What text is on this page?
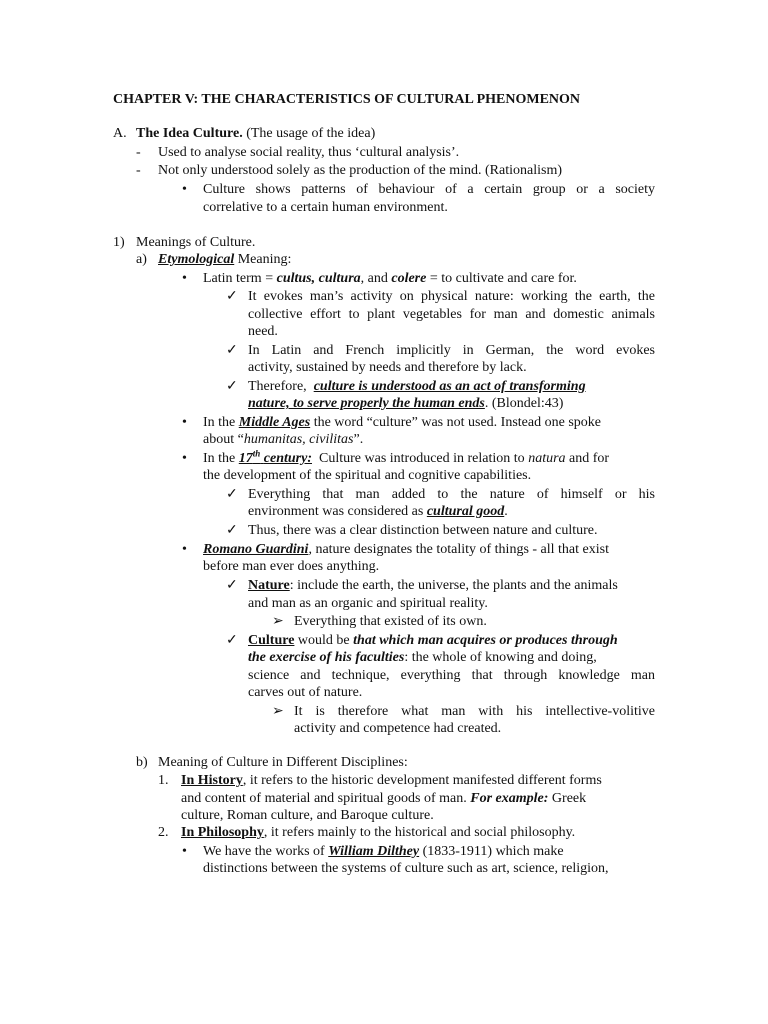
CHAPTER V: THE CHARACTERISTICS OF CULTURAL PHENOMENON
A. The Idea Culture. (The usage of the idea)
- Used to analyse social reality, thus ‘cultural analysis’.
- Not only understood solely as the production of the mind. (Rationalism)
• Culture shows patterns of behaviour of a certain group or a society
correlative to a certain human environment.
1) Meanings of Culture.
a) Etymological Meaning:
• Latin term = cultus, cultura, and colere = to cultivate and care for.
✓ It evokes man’s activity on physical nature: working the earth, the
collective effort to plant vegetables for man and domestic animals
need.
✓ In Latin and French implicitly in German, the word evokes
activity, sustained by needs and therefore by lack.
✓ Therefore, culture is understood as an act of transforming
nature, to serve properly the human ends. (Blondel:43)
• In the Middle Ages the word “culture” was not used. Instead one spoke
about “humanitas, civilitas”.
• In the 17th century: Culture was introduced in relation to natura and for
the development of the spiritual and cognitive capabilities.
✓ Everything that man added to the nature of himself or his
environment was considered as cultural good.
✓ Thus, there was a clear distinction between nature and culture.
• Romano Guardini, nature designates the totality of things - all that exist
before man ever does anything.
✓ Nature: include the earth, the universe, the plants and the animals
and man as an organic and spiritual reality.
➢ Everything that existed of its own.
✓ Culture would be that which man acquires or produces through
the exercise of his faculties: the whole of knowing and doing,
science and technique, everything that through knowledge man
carves out of nature.
➢ It is therefore what man with his intellective-volitive
activity and competence had created.
b) Meaning of Culture in Different Disciplines:
1. In History, it refers to the historic development manifested different forms
and content of material and spiritual goods of man. For example: Greek
culture, Roman culture, and Baroque culture.
2. In Philosophy, it refers mainly to the historical and social philosophy.
• We have the works of William Dilthey (1833-1911) which make
distinctions between the systems of culture such as art, science, religion,
